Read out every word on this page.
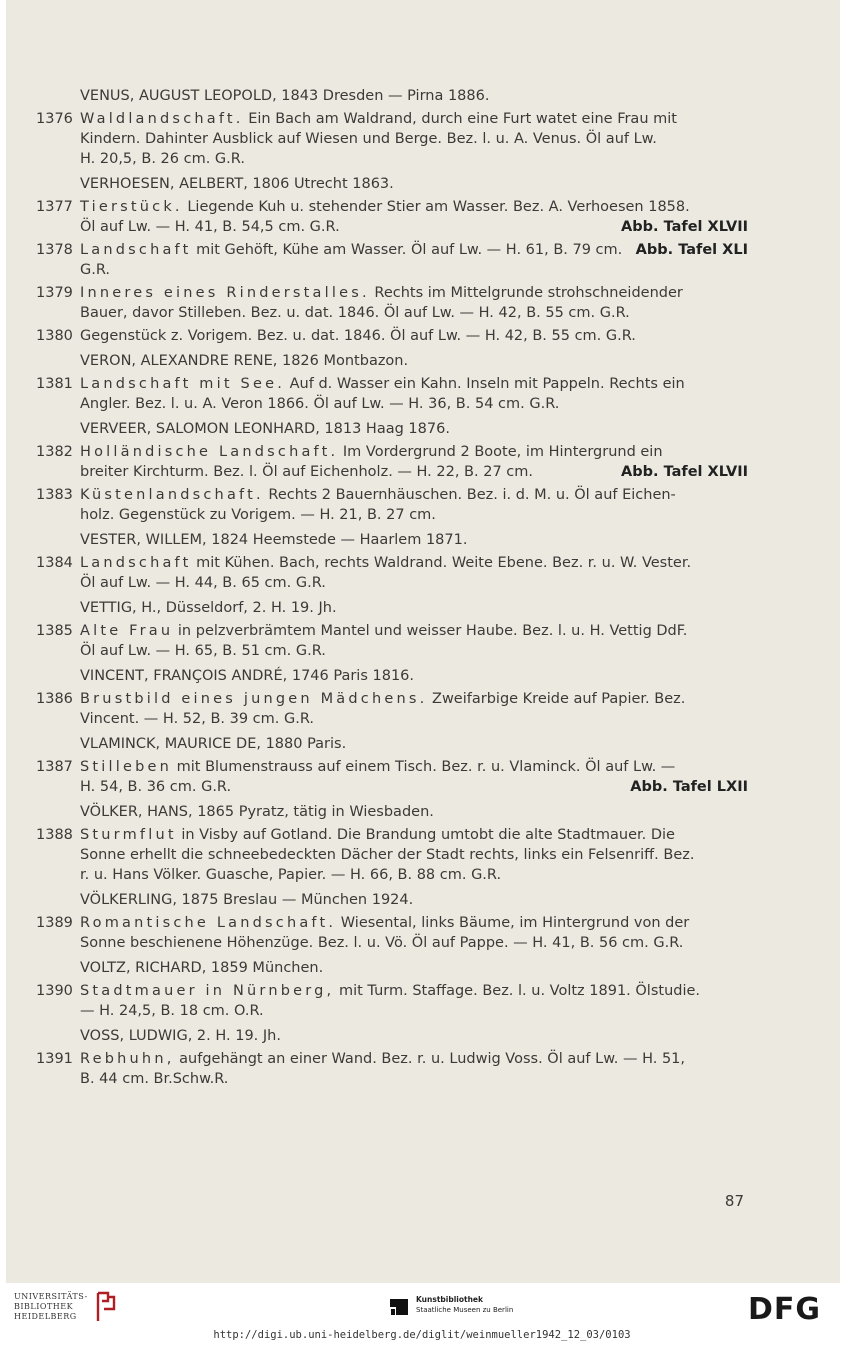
VENUS, AUGUST LEOPOLD, 1843 Dresden — Pirna 1886.
1376 Waldlandschaft. Ein Bach am Waldrand, durch eine Furt watet eine Frau mit
Kindern. Dahinter Ausblick auf Wiesen und Berge. Bez. l. u. A. Venus. Öl auf Lw.
H. 20,5, B. 26 cm. G.R.
VERHOESEN, AELBERT, 1806 Utrecht 1863.
1377 Tierstück. Liegende Kuh u. stehender Stier am Wasser. Bez. A. Verhoesen 1858.
Abb. Tafel XLVII
Öl auf Lw. — H. 41, B. 54,5 cm. G.R.
1378 Landschaft	Abb. Tafel XLI
mit Gehöft, Kühe am Wasser. Öl auf Lw. — H. 61, B. 79 cm. G.R.
1379 Inneres eines Rinderstalles. Rechts im Mittelgrunde strohschneidender
Bauer, davor Stilleben. Bez. u. dat. 1846. Öl auf Lw. — H. 42, B. 55 cm. G.R.
1380 Gegenstück z. Vorigem. Bez. u. dat. 1846. Öl auf Lw. — H. 42, B. 55 cm. G.R.
VERON, ALEXANDRE RENE, 1826 Montbazon.
1381 Landschaft mit See. Auf d. Wasser ein Kahn. Inseln mit Pappeln. Rechts ein
Angler. Bez. l. u. A. Veron 1866. Öl auf Lw. — H. 36, B. 54 cm. G.R.
VERVEER, SALOMON LEONHARD, 1813 Haag 1876.
1382 Holländische Landschaft. Im Vordergrund 2 Boote, im Hintergrund ein
Abb. Tafel XLVII
breiter Kirchturm. Bez. l. Öl auf Eichenholz. — H. 22, B. 27 cm.
1383 Küstenlandschaft. Rechts 2 Bauernhäuschen. Bez. i. d. M. u. Öl auf Eichen-
holz. Gegenstück zu Vorigem. — H. 21, B. 27 cm.
VESTER, WILLEM, 1824 Heemstede — Haarlem 1871.
1384 Landschaft mit Kühen. Bach, rechts Waldrand. Weite Ebene. Bez. r. u. W. Vester.
Öl auf Lw. — H. 44, B. 65 cm. G.R.
VETTIG, H., Düsseldorf, 2. H. 19. Jh.
1385 Alte Frau in pelzverbrämtem Mantel und weisser Haube. Bez. l. u. H. Vettig DdF.
Öl auf Lw. — H. 65, B. 51 cm. G.R.
VINCENT, FRANÇOIS ANDRÉ, 1746 Paris 1816.
1386 Brustbild eines jungen Mädchens. Zweifarbige Kreide auf Papier. Bez.
Vincent. — H. 52, B. 39 cm. G.R.
VLAMINCK, MAURICE DE, 1880 Paris.
1387 Stilleben mit Blumenstrauss auf einem Tisch. Bez. r. u. Vlaminck. Öl auf Lw. —
Abb. Tafel LXII
H. 54, B. 36 cm. G.R.
VÖLKER, HANS, 1865 Pyratz, tätig in Wiesbaden.
1388 Sturmflut in Visby auf Gotland. Die Brandung umtobt die alte Stadtmauer. Die
Sonne erhellt die schneebedeckten Dächer der Stadt rechts, links ein Felsenriff. Bez.
r. u. Hans Völker. Guasche, Papier. — H. 66, B. 88 cm. G.R.
VÖLKERLING, 1875 Breslau — München 1924.
1389 Romantische Landschaft. Wiesental, links Bäume, im Hintergrund von der
Sonne beschienene Höhenzüge. Bez. l. u. Vö. Öl auf Pappe. — H. 41, B. 56 cm. G.R.
VOLTZ, RICHARD, 1859 München.
1390 Stadtmauer in Nürnberg, mit Turm. Staffage. Bez. l. u. Voltz 1891. Ölstudie.
— H. 24,5, B. 18 cm. O.R.
VOSS, LUDWIG, 2. H. 19. Jh.
1391 Rebhuhn, aufgehängt an einer Wand. Bez. r. u. Ludwig Voss. Öl auf Lw. — H. 51,
B. 44 cm. Br.Schw.R.
87
UNIVERSITÄTS-
BIBLIOTHEK
HEIDELBERG
Kunstbibliothek
Staatliche Museen zu Berlin	DFG
http://digi.ub.uni-heidelberg.de/diglit/weinmueller1942_12_03/0103
